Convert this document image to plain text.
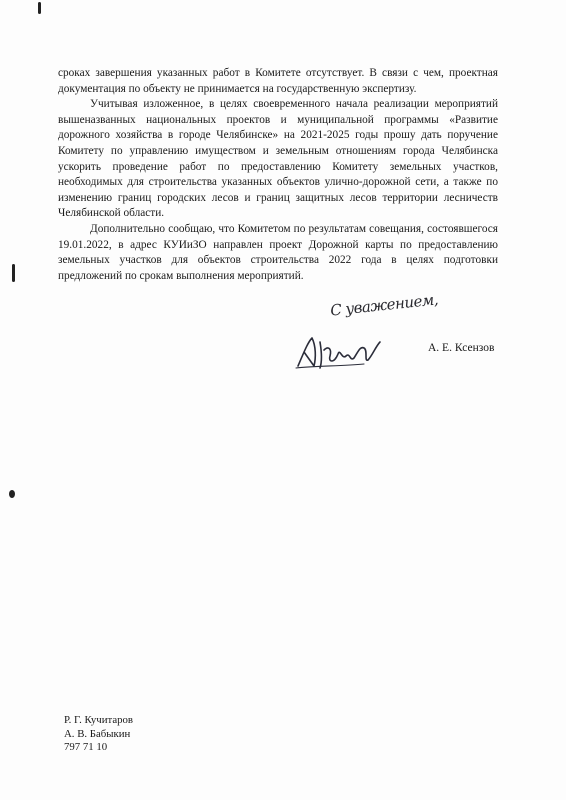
сроках завершения указанных работ в Комитете отсутствует. В связи с чем, проектная документация по объекту не принимается на государственную экспертизу.

Учитывая изложенное, в целях своевременного начала реализации мероприятий вышеназванных национальных проектов и муниципальной программы «Развитие дорожного хозяйства в городе Челябинске» на 2021-2025 годы прошу дать поручение Комитету по управлению имуществом и земельным отношениям города Челябинска ускорить проведение работ по предоставлению Комитету земельных участков, необходимых для строительства указанных объектов улично-дорожной сети, а также по изменению границ городских лесов и границ защитных лесов территории лесничеств Челябинской области.

Дополнительно сообщаю, что Комитетом по результатам совещания, состоявшегося 19.01.2022, в адрес КУИиЗО направлен проект Дорожной карты по предоставлению земельных участков для объектов строительства 2022 года в целях подготовки предложений по срокам выполнения мероприятий.

С уважением,
А. Е. Ксензов
Р. Г. Кучитаров
А. В. Бабыкин
797 71 10
